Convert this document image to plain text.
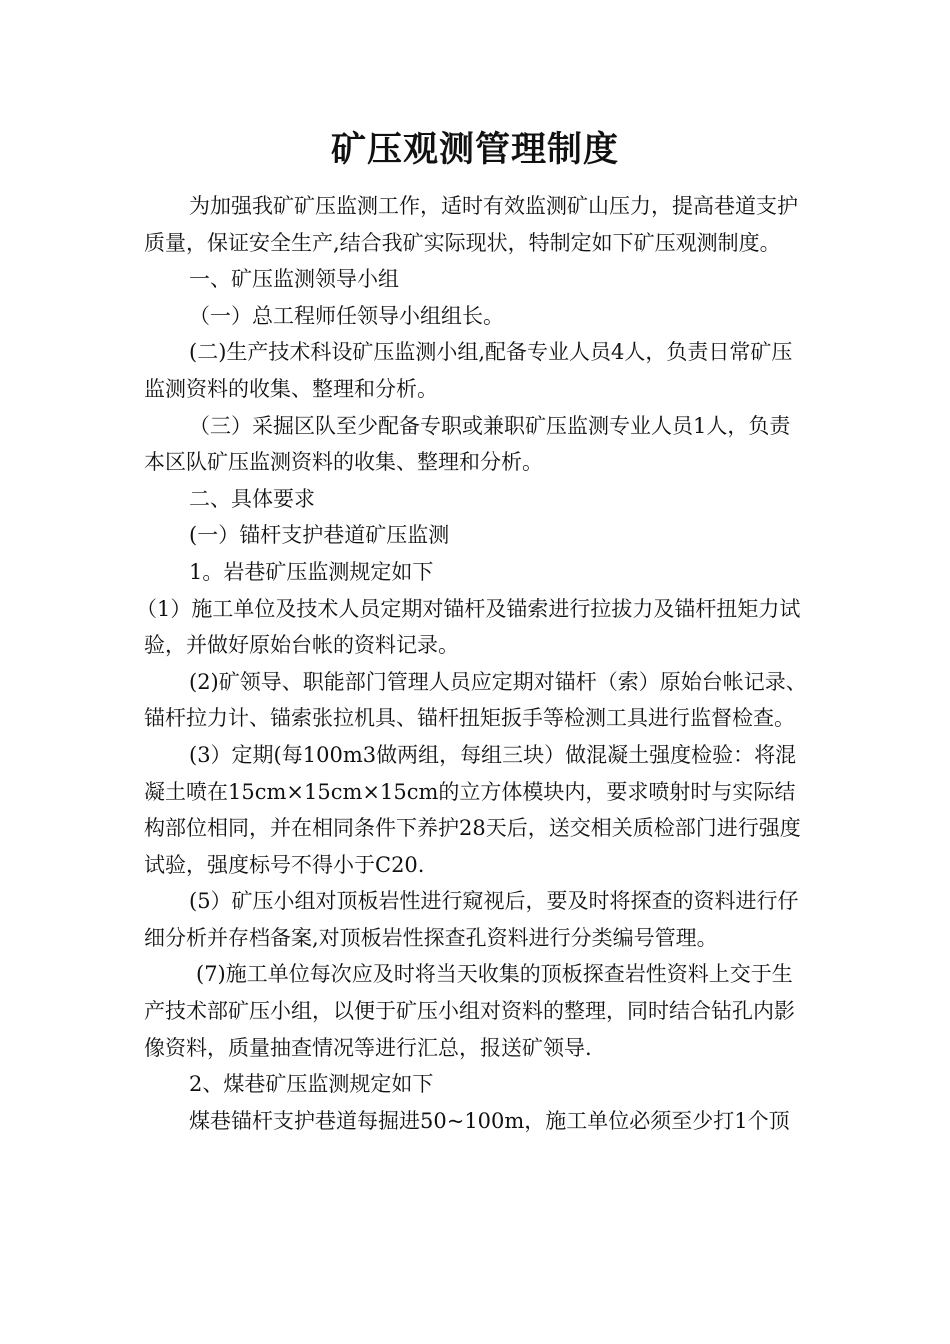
矿压观测管理制度

为加强我矿矿压监测工作，适时有效监测矿山压力，提高巷道支护质量，保证安全生产,结合我矿实际现状，特制定如下矿压观测制度。

一、矿压监测领导小组

（一）总工程师任领导小组组长。

(二)生产技术科设矿压监测小组,配备专业人员4人，负责日常矿压监测资料的收集、整理和分析。

（三）采掘区队至少配备专职或兼职矿压监测专业人员1人，负责本区队矿压监测资料的收集、整理和分析。

二、具体要求

(一）锚杆支护巷道矿压监测

1。岩巷矿压监测规定如下

（1）施工单位及技术人员定期对锚杆及锚索进行拉拔力及锚杆扭矩力试验，并做好原始台帐的资料记录。

(2)矿领导、职能部门管理人员应定期对锚杆（索）原始台帐记录、锚杆拉力计、锚索张拉机具、锚杆扭矩扳手等检测工具进行监督检查。

(3）定期(每100m3做两组，每组三块）做混凝土强度检验：将混凝土喷在15cm×15cm×15cm的立方体模块内，要求喷射时与实际结构部位相同，并在相同条件下养护28天后，送交相关质检部门进行强度试验，强度标号不得小于C20.

(5）矿压小组对顶板岩性进行窥视后，要及时将探查的资料进行仔细分析并存档备案,对顶板岩性探查孔资料进行分类编号管理。

(7)施工单位每次应及时将当天收集的顶板探查岩性资料上交于生产技术部矿压小组，以便于矿压小组对资料的整理，同时结合钻孔内影像资料，质量抽查情况等进行汇总，报送矿领导.

2、煤巷矿压监测规定如下

煤巷锚杆支护巷道每掘进50~100m，施工单位必须至少打1个顶
